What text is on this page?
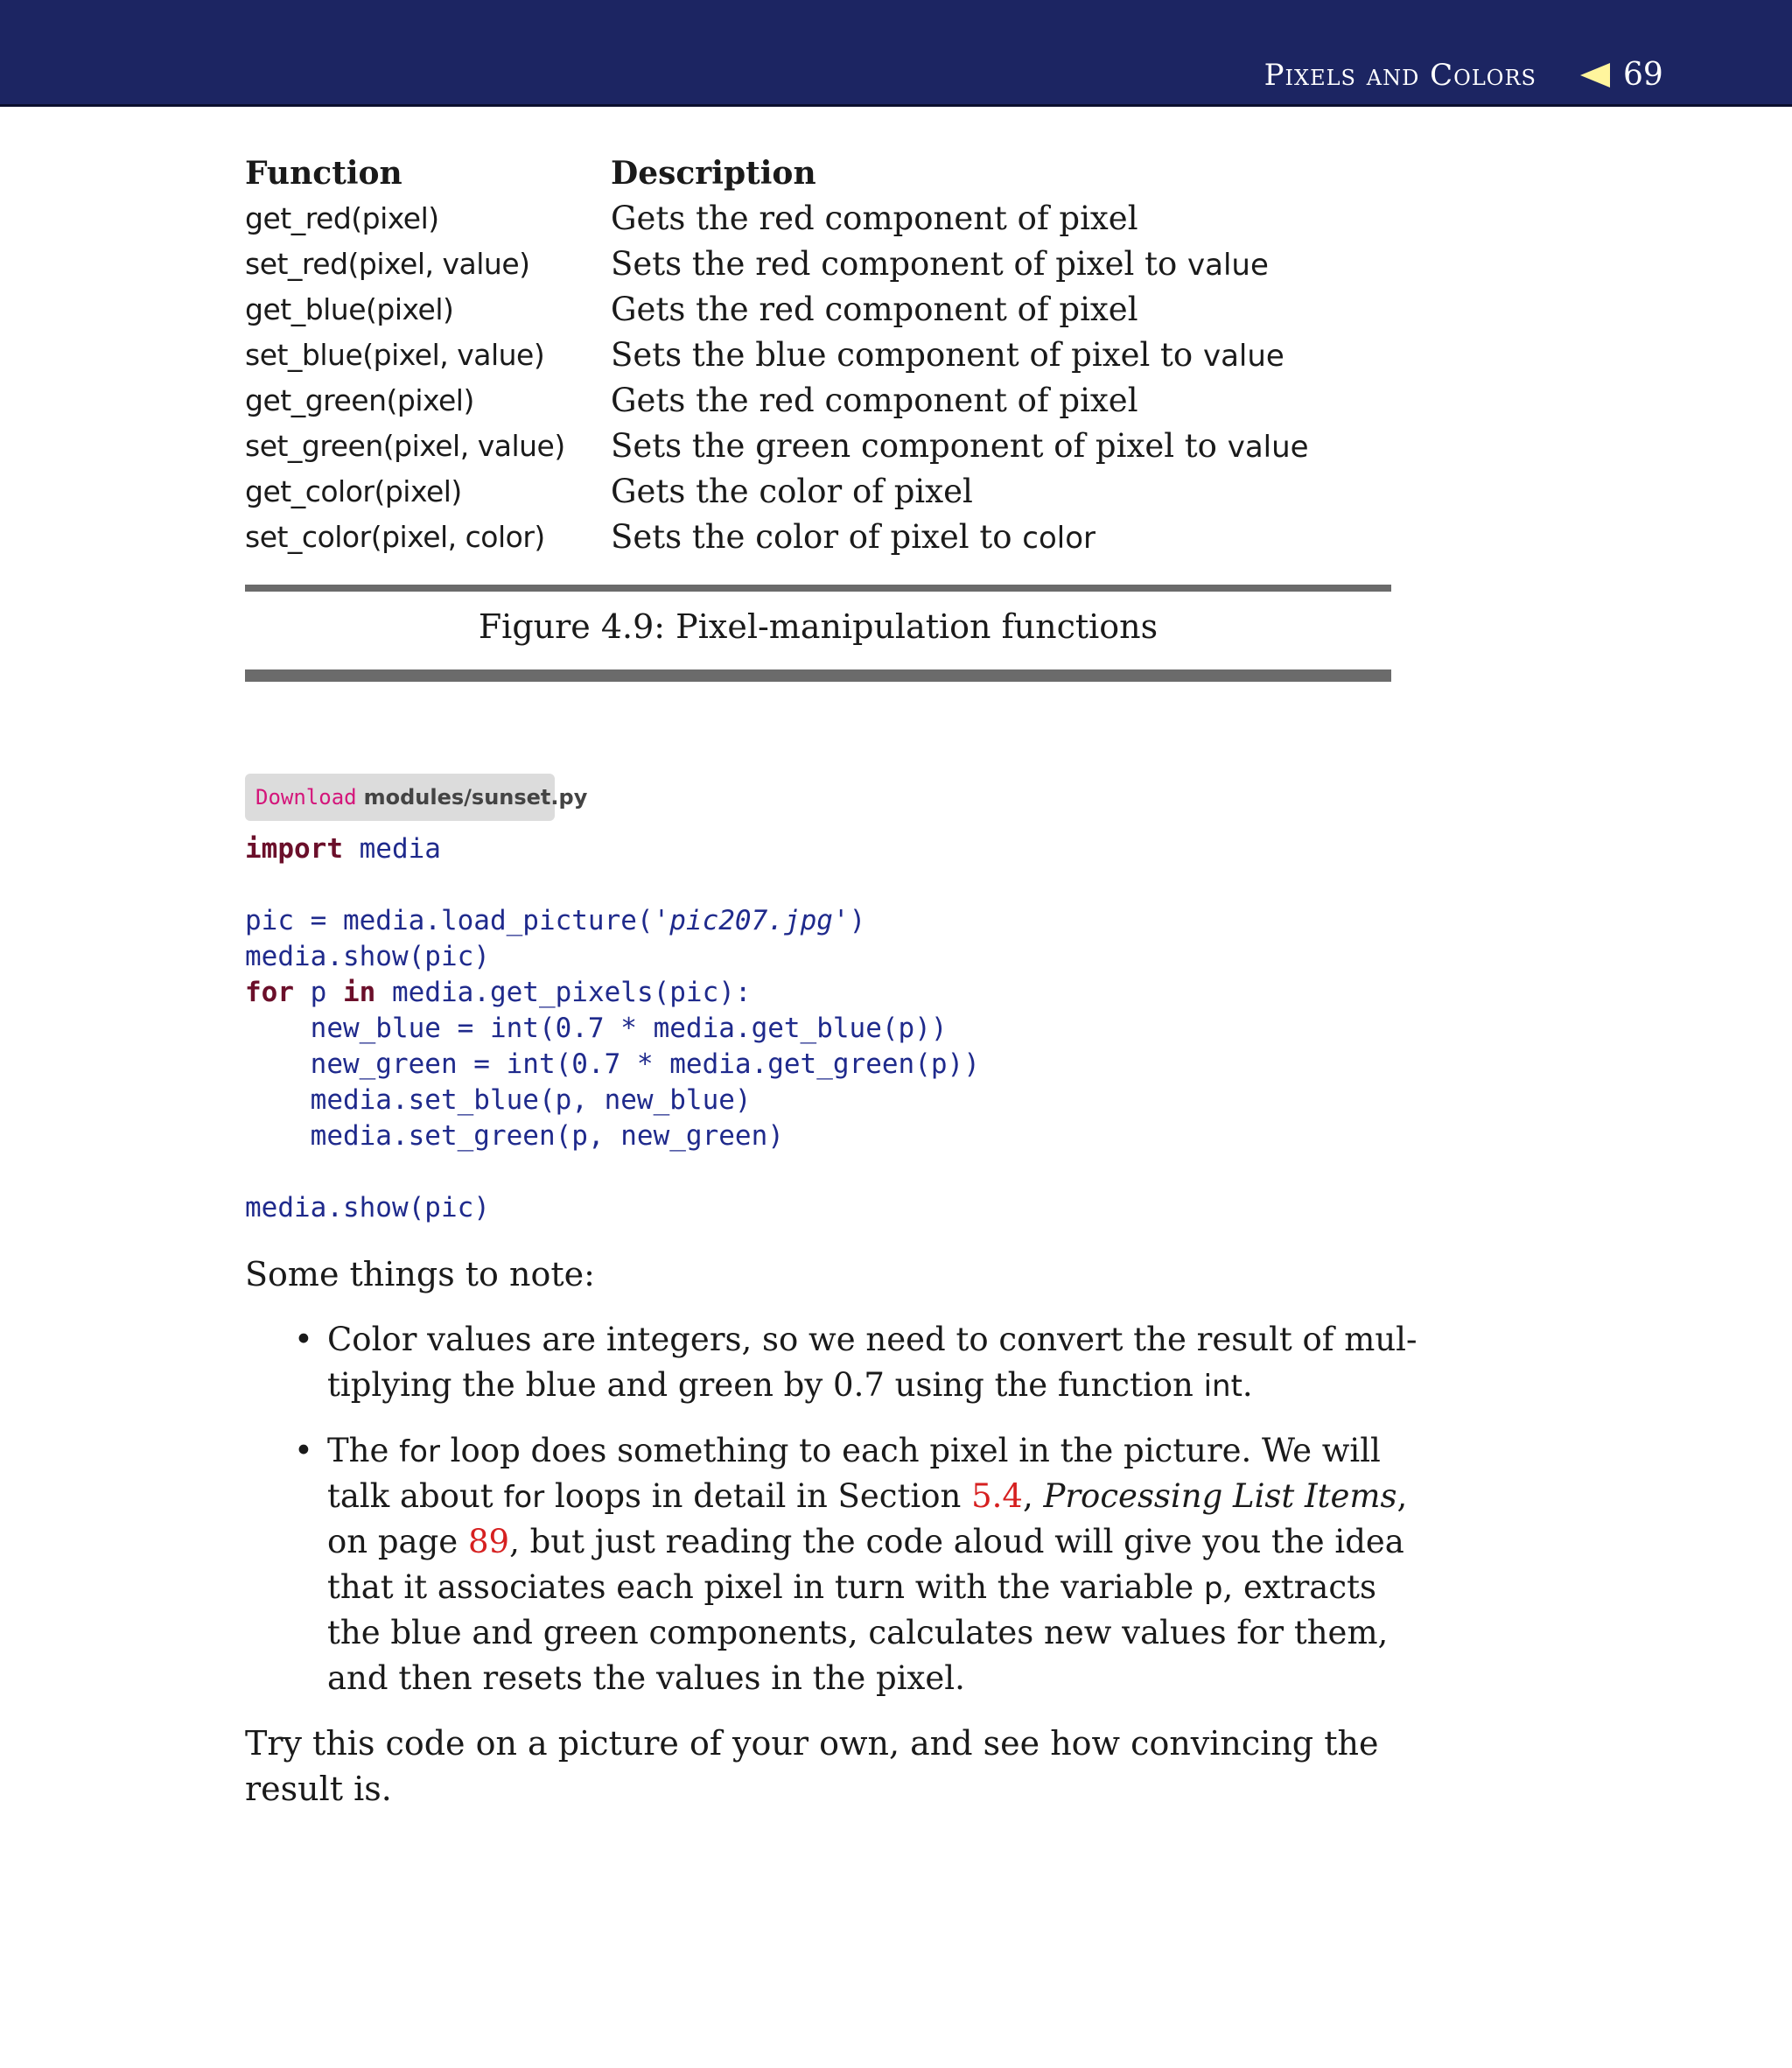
Pixels and Colors	69
Function	Description
get_red(pixel)	Gets the red component of pixel
set_red(pixel, value)	Sets the red component of pixel to value
get_blue(pixel)	Gets the red component of pixel
set_blue(pixel, value) Sets the blue component of pixel to value
get_green(pixel)	Gets the red component of pixel
set_green(pixel, value) Sets the green component of pixel to value
get_color(pixel)	Gets the color of pixel
set_color(pixel, color) Sets the color of pixel to color
Figure 4.9: Pixel-manipulation functions
Download modules/sunset.py
import media
pic = media.load_picture('pic207.jpg')
media.show(pic)
for p in media.get_pixels(pic):
new_blue = int(0.7 * media.get_blue(p))
new_green = int(0.7 * media.get_green(p))
media.set_blue(p, new_blue)
media.set_green(p, new_green)
media.show(pic)
Some things to note:
• Color values are integers, so we need to convert the result of mul-
tiplying the blue and green by 0.7 using the function int.
• The for loop does something to each pixel in the picture. We will
talk about for loops in detail in Section 5.4, Processing List Items,
on page 89, but just reading the code aloud will give you the idea
that it associates each pixel in turn with the variable p, extracts
the blue and green components, calculates new values for them,
and then resets the values in the pixel.
Try this code on a picture of your own, and see how convincing the
result is.
